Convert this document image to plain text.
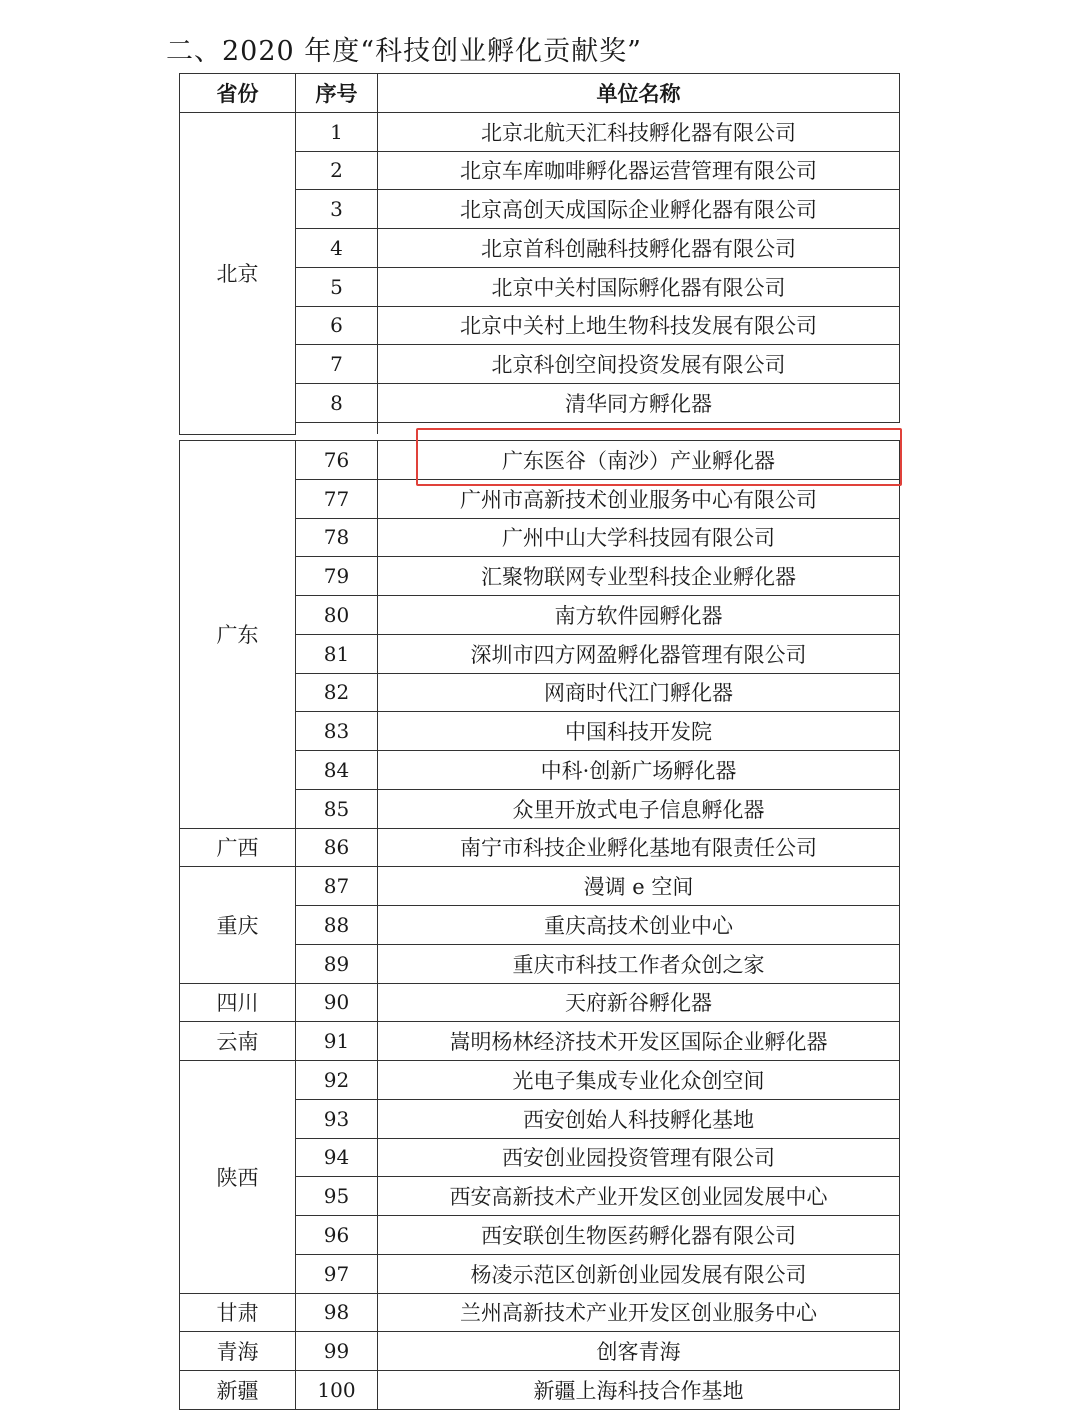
二、2020 年度“科技创业孵化贡献奖”
省份	序号	单位名称
北京	1	北京北航天汇科技孵化器有限公司
	2	北京车库咖啡孵化器运营管理有限公司
	3	北京高创天成国际企业孵化器有限公司
	4	北京首科创融科技孵化器有限公司
	5	北京中关村国际孵化器有限公司
	6	北京中关村上地生物科技发展有限公司
	7	北京科创空间投资发展有限公司
	8	清华同方孵化器

广东	76	广东医谷（南沙）产业孵化器
	77	广州市高新技术创业服务中心有限公司
	78	广州中山大学科技园有限公司
	79	汇聚物联网专业型科技企业孵化器
	80	南方软件园孵化器
	81	深圳市四方网盈孵化器管理有限公司
	82	网商时代江门孵化器
	83	中国科技开发院
	84	中科·创新广场孵化器
	85	众里开放式电子信息孵化器
广西	86	南宁市科技企业孵化基地有限责任公司
重庆	87	漫调 e 空间
	88	重庆高技术创业中心
	89	重庆市科技工作者众创之家
四川	90	天府新谷孵化器
云南	91	嵩明杨林经济技术开发区国际企业孵化器
陕西	92	光电子集成专业化众创空间
	93	西安创始人科技孵化基地
	94	西安创业园投资管理有限公司
	95	西安高新技术产业开发区创业园发展中心
	96	西安联创生物医药孵化器有限公司
	97	杨凌示范区创新创业园发展有限公司
甘肃	98	兰州高新技术产业开发区创业服务中心
青海	99	创客青海
新疆	100	新疆上海科技合作基地
